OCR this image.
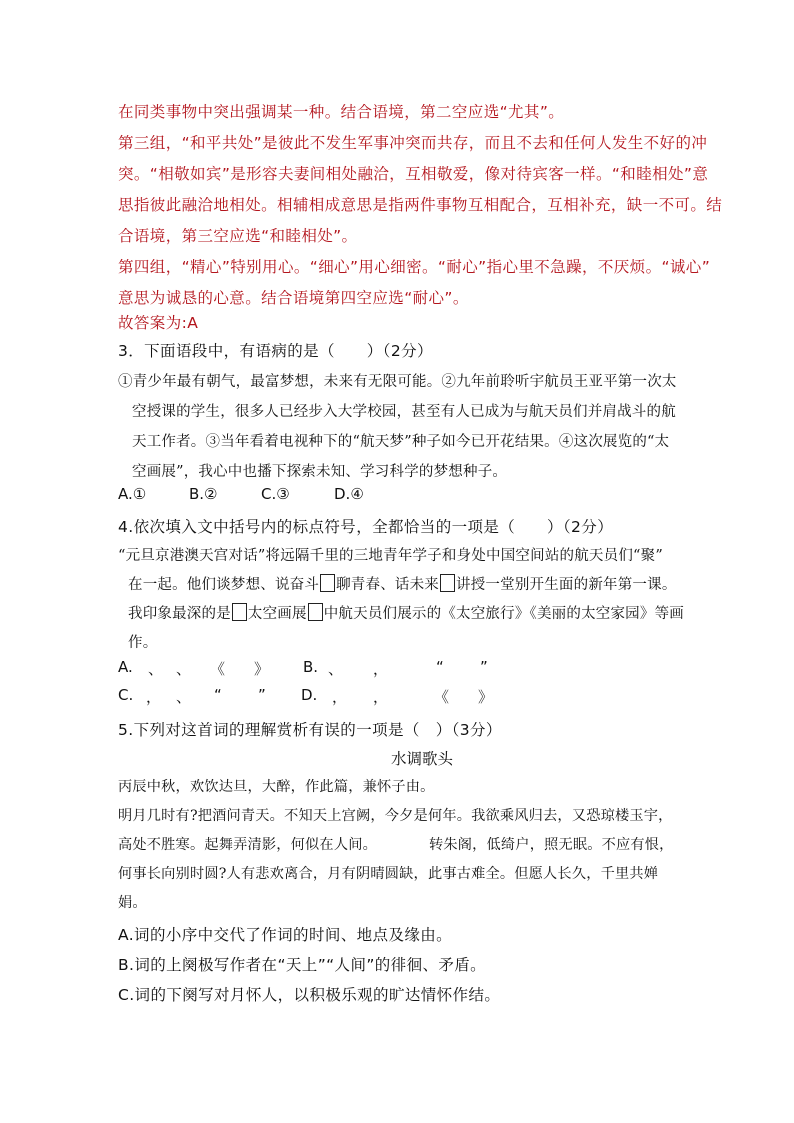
在同类事物中突出强调某一种。结合语境，第二空应选“尤其”。
第三组，“和平共处”是彼此不发生军事冲突而共存，而且不去和任何人发生不好的冲
突。“相敬如宾”是形容夫妻间相处融洽，互相敬爱，像对待宾客一样。“和睦相处”意
思指彼此融洽地相处。相辅相成意思是指两件事物互相配合，互相补充，缺一不可。结
合语境，第三空应选“和睦相处”。
第四组，“精心”特别用心。“细心”用心细密。“耐心”指心里不急躁，不厌烦。“诚心”
意思为诚恳的心意。结合语境第四空应选“耐心”。
故答案为:A
3．下面语段中，有语病的是（　　）（2分）
①青少年最有朝气，最富梦想，未来有无限可能。②九年前聆听宇航员王亚平第一次太
空授课的学生，很多人已经步入大学校园，甚至有人已成为与航天员们并肩战斗的航
天工作者。③当年看着电视种下的“航天梦”种子如今已开花结果。④这次展览的“太
空画展”，我心中也播下探索未知、学习科学的梦想种子。
A.①	B.②	C.③	D.④
4.依次填入文中括号内的标点符号，全都恰当的一项是（　　）（2分）
“元旦京港澳天宫对话”将远隔千里的三地青年学子和身处中国空间站的航天员们“聚”
在一起。他们谈梦想、说奋斗 聊青春、话未来 讲授一堂别开生面的新年第一课。
我印象最深的是 太空画展 中航天员们展示的《太空旅行》《美丽的太空家园》等画
作。
A. 、 、 《 》 B. 、 ，	“ ”
C. ， 、 “ ” D. ， ，	《 》
5.下列对这首词的理解赏析有误的一项是（　）（3分）
水调歌头
丙辰中秋，欢饮达旦，大醉，作此篇，兼怀子由。
明月几时有?把酒问青天。不知天上宫阙，今夕是何年。我欲乘风归去，又恐琼楼玉宇，
高处不胜寒。起舞弄清影，何似在人间。	转朱阁，低绮户，照无眠。不应有恨，
何事长向别时圆?人有悲欢离合，月有阴晴圆缺，此事古难全。但愿人长久，千里共婵
娟。
A.词的小序中交代了作词的时间、地点及缘由。
B.词的上阕极写作者在“天上”“人间”的徘徊、矛盾。
C.词的下阕写对月怀人，以积极乐观的旷达情怀作结。
